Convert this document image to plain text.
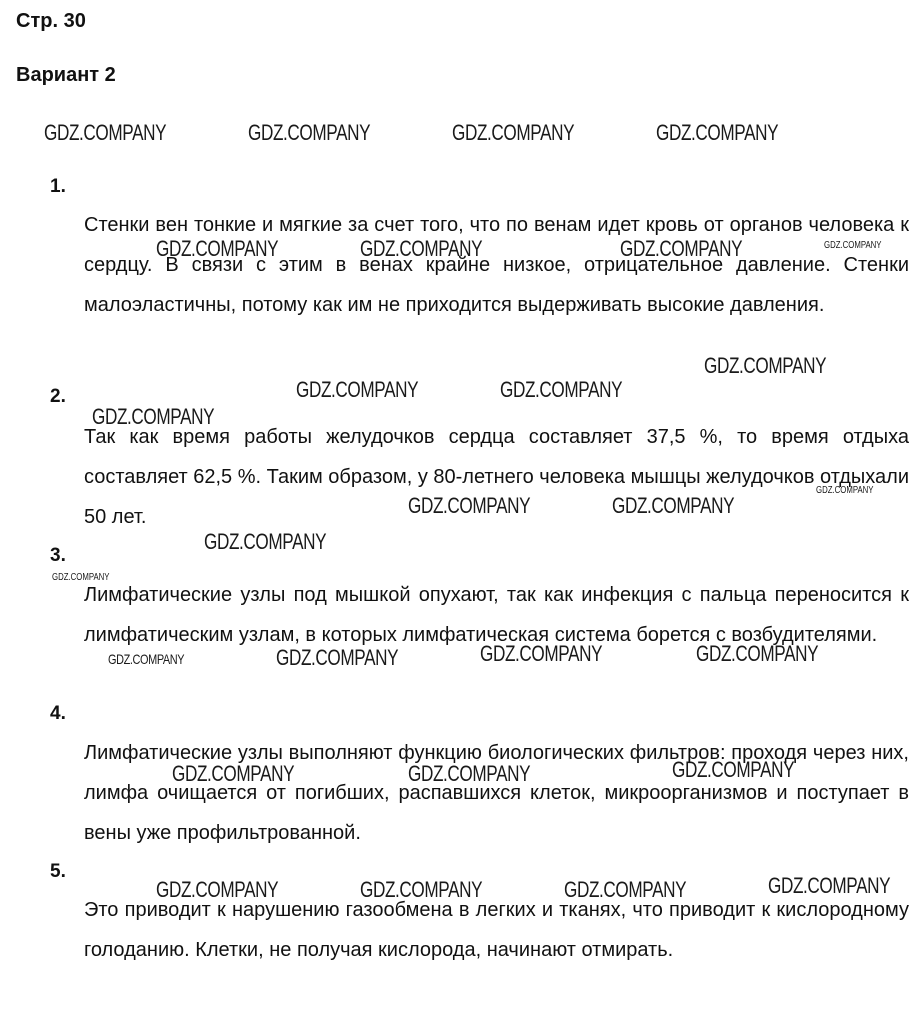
Стр. 30
Вариант 2
1.

Стенки вен тонкие и мягкие за счет того, что по венам идет кровь от органов человека к сердцу. В связи с этим в венах крайне низкое, отрицательное давление. Стенки малоэластичны, потому как им не приходится выдерживать высокие давления.

2.

Так как время работы желудочков сердца составляет 37,5 %, то время отдыха составляет 62,5 %. Таким образом, у 80-летнего человека мышцы желудочков отдыхали 50 лет.

3.

Лимфатические узлы под мышкой опухают, так как инфекция с пальца переносится к лимфатическим узлам, в которых лимфатическая система борется с возбудителями.

4.

Лимфатические узлы выполняют функцию биологических фильтров: проходя через них, лимфа очищается от погибших, распавшихся клеток, микроорганизмов и поступает в вены уже профильтрованной.

5.

Это приводит к нарушению газообмена в легких и тканях, что приводит к кислородному голоданию. Клетки, не получая кислорода, начинают отмирать.

GDZ.COMPANY	GDZ.COMPANY	GDZ.COMPANY	GDZ.COMPANY
GDZ.COMPANY	GDZ.COMPANY	GDZ.COMPANY	GDZ.COMPANY
GDZ.COMPANY
GDZ.COMPANY	GDZ.COMPANY
GDZ.COMPANY
GDZ.COMPANY
GDZ.COMPANY	GDZ.COMPANY
GDZ.COMPANY
GDZ.COMPANY
GDZ.COMPANY	GDZ.COMPANY
GDZ.COMPANY
GDZ.COMPANY
GDZ.COMPANY
GDZ.COMPANY	GDZ.COMPANY
GDZ.COMPANY
GDZ.COMPANY	GDZ.COMPANY	GDZ.COMPANY
